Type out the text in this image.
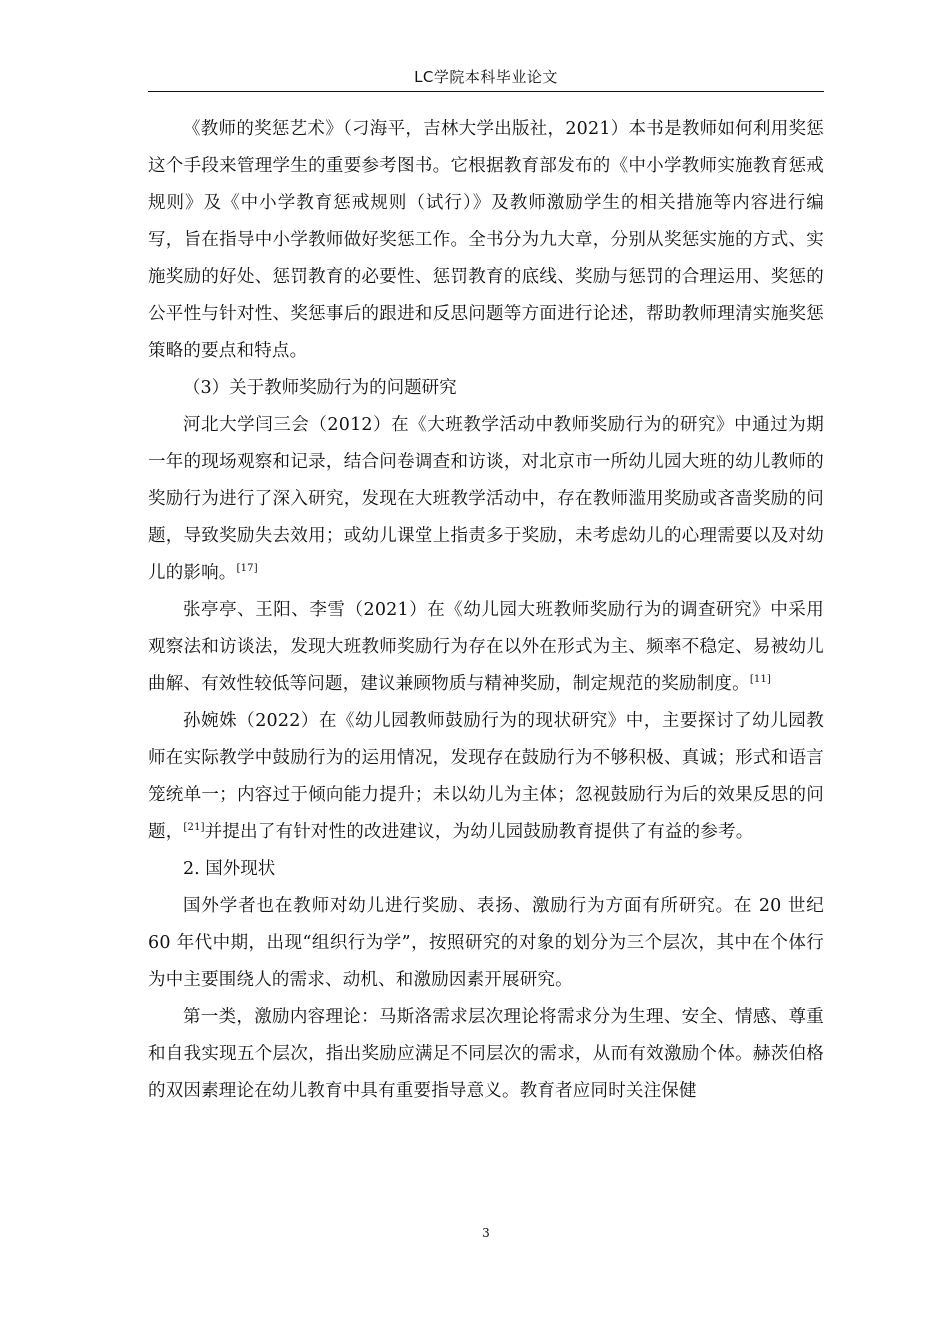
LC学院本科毕业论文

《教师的奖惩艺术》（刁海平，吉林大学出版社，2021）本书是教师如何利用奖惩这个手段来管理学生的重要参考图书。它根据教育部发布的《中小学教师实施教育惩戒规则》及《中小学教育惩戒规则（试行）》及教师激励学生的相关措施等内容进行编写，旨在指导中小学教师做好奖惩工作。全书分为九大章，分别从奖惩实施的方式、实施奖励的好处、惩罚教育的必要性、惩罚教育的底线、奖励与惩罚的合理运用、奖惩的公平性与针对性、奖惩事后的跟进和反思问题等方面进行论述，帮助教师理清实施奖惩策略的要点和特点。

（3）关于教师奖励行为的问题研究

河北大学闫三会（2012）在《大班教学活动中教师奖励行为的研究》中通过为期一年的现场观察和记录，结合问卷调查和访谈，对北京市一所幼儿园大班的幼儿教师的奖励行为进行了深入研究，发现在大班教学活动中，存在教师滥用奖励或吝啬奖励的问题，导致奖励失去效用；或幼儿课堂上指责多于奖励，未考虑幼儿的心理需要以及对幼儿的影响。[17]

张亭亭、王阳、李雪（2021）在《幼儿园大班教师奖励行为的调查研究》中采用观察法和访谈法，发现大班教师奖励行为存在以外在形式为主、频率不稳定、易被幼儿曲解、有效性较低等问题，建议兼顾物质与精神奖励，制定规范的奖励制度。[11]

孙婉姝（2022）在《幼儿园教师鼓励行为的现状研究》中，主要探讨了幼儿园教师在实际教学中鼓励行为的运用情况，发现存在鼓励行为不够积极、真诚；形式和语言笼统单一；内容过于倾向能力提升；未以幼儿为主体；忽视鼓励行为后的效果反思的问题，[21]并提出了有针对性的改进建议，为幼儿园鼓励教育提供了有益的参考。

2. 国外现状

国外学者也在教师对幼儿进行奖励、表扬、激励行为方面有所研究。在 20 世纪 60 年代中期，出现“组织行为学”，按照研究的对象的划分为三个层次，其中在个体行为中主要围绕人的需求、动机、和激励因素开展研究。

第一类，激励内容理论：马斯洛需求层次理论将需求分为生理、安全、情感、尊重和自我实现五个层次，指出奖励应满足不同层次的需求，从而有效激励个体。赫茨伯格的双因素理论在幼儿教育中具有重要指导意义。教育者应同时关注保健

3
